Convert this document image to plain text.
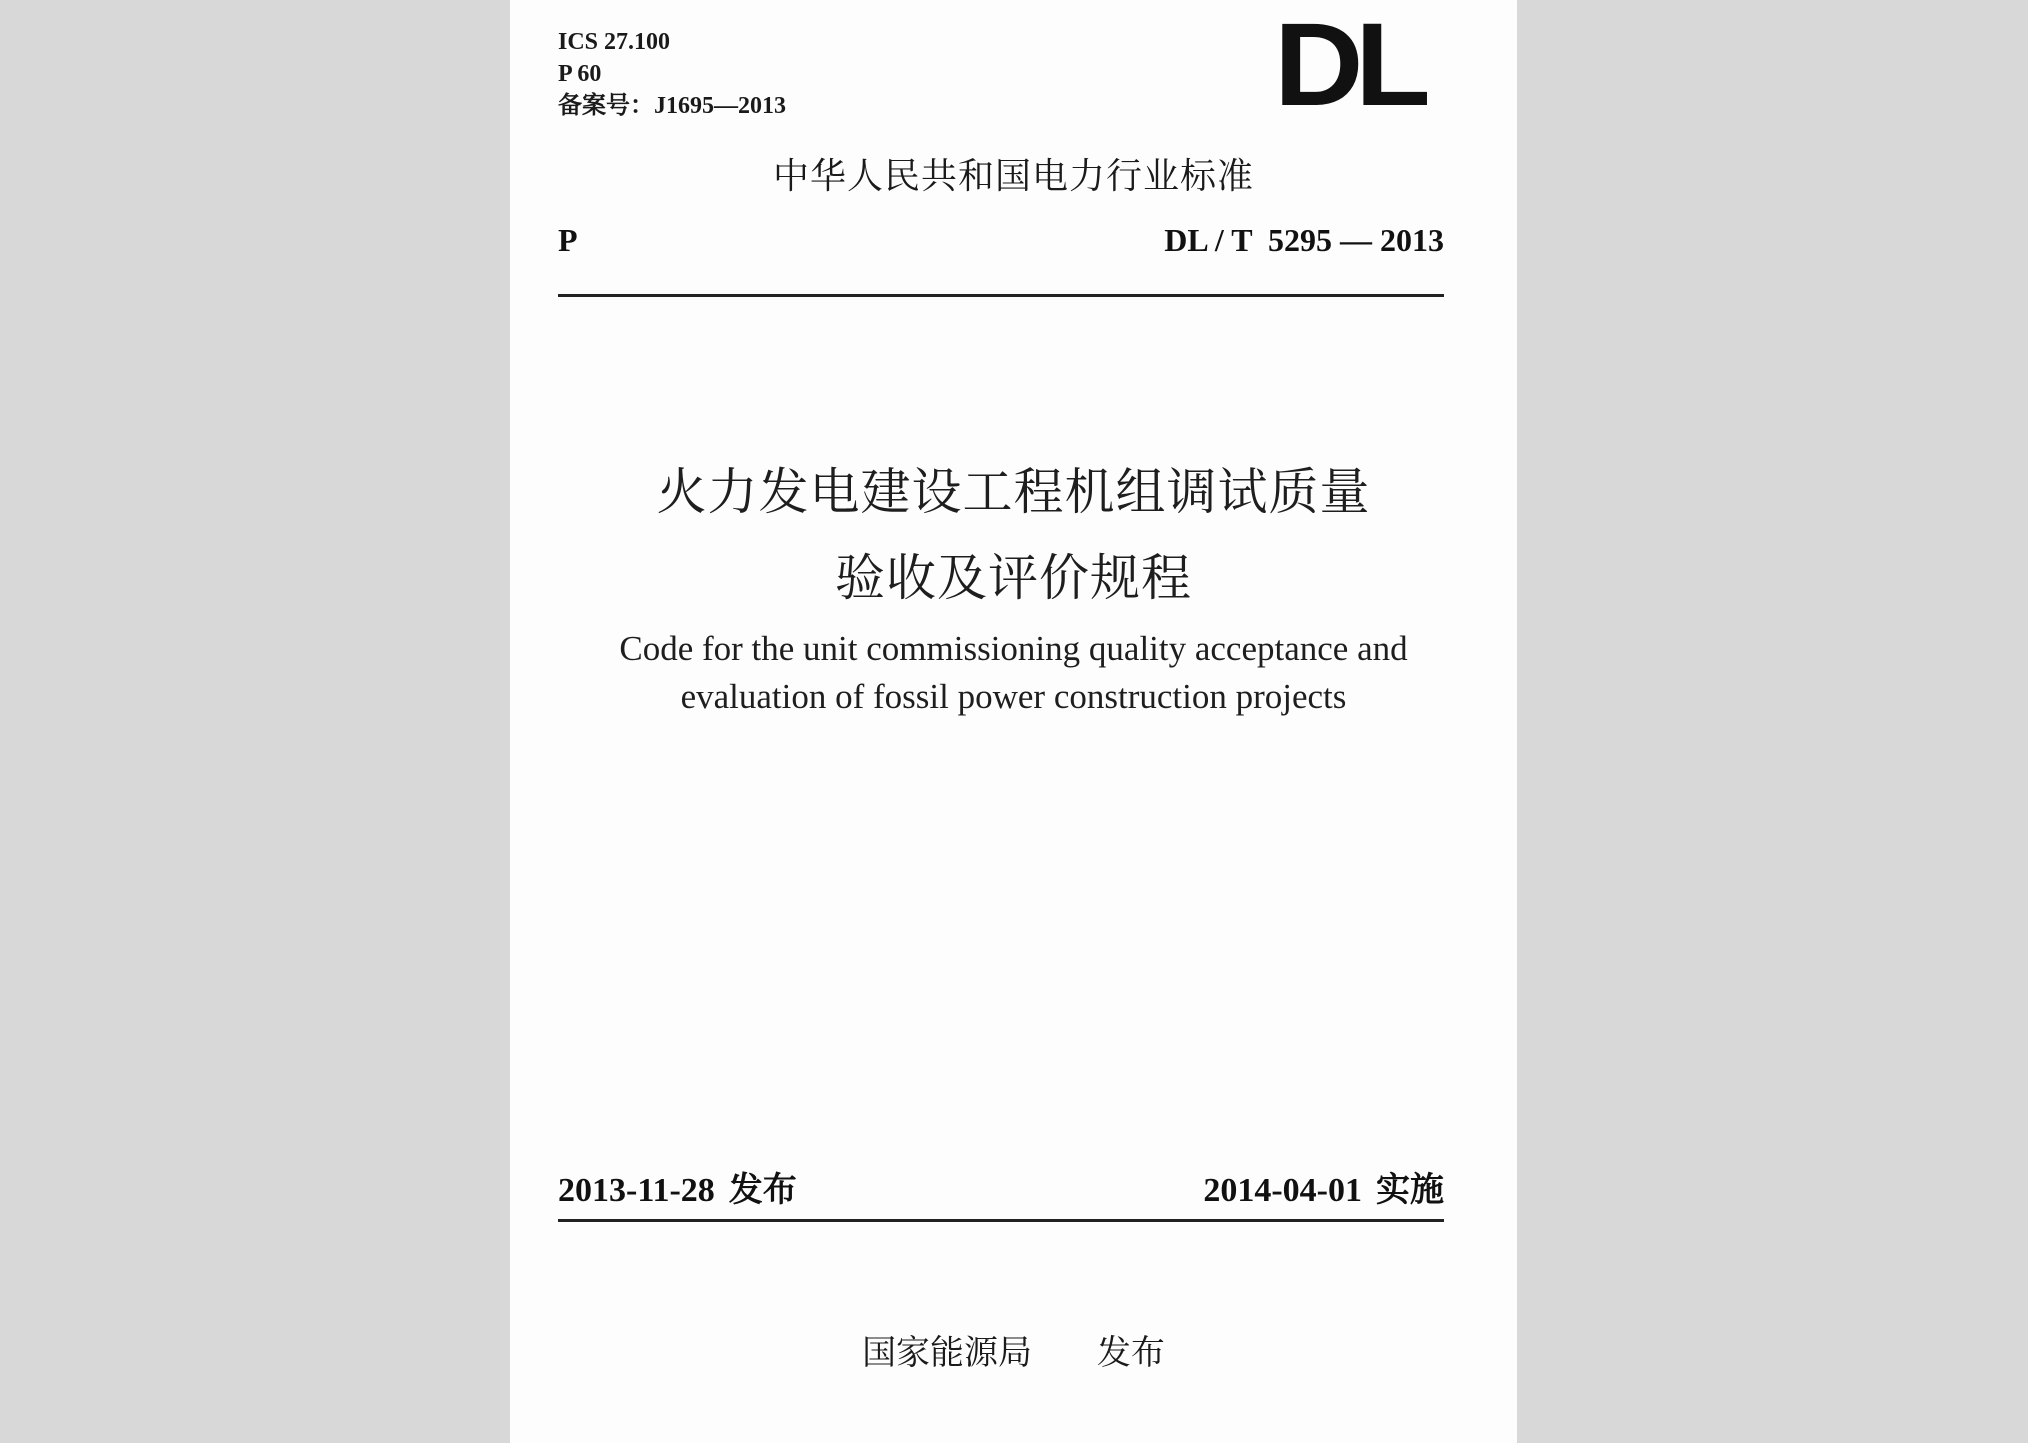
ICS 27.100
P 60
备案号：J1695—2013	DL
中华人民共和国电力行业标准
P	DL / T  5295 — 2013
火力发电建设工程机组调试质量
验收及评价规程
Code for the unit commissioning quality acceptance and
evaluation of fossil power construction projects
2013-11-28 发布	2014-04-01 实施
国家能源局 发布
